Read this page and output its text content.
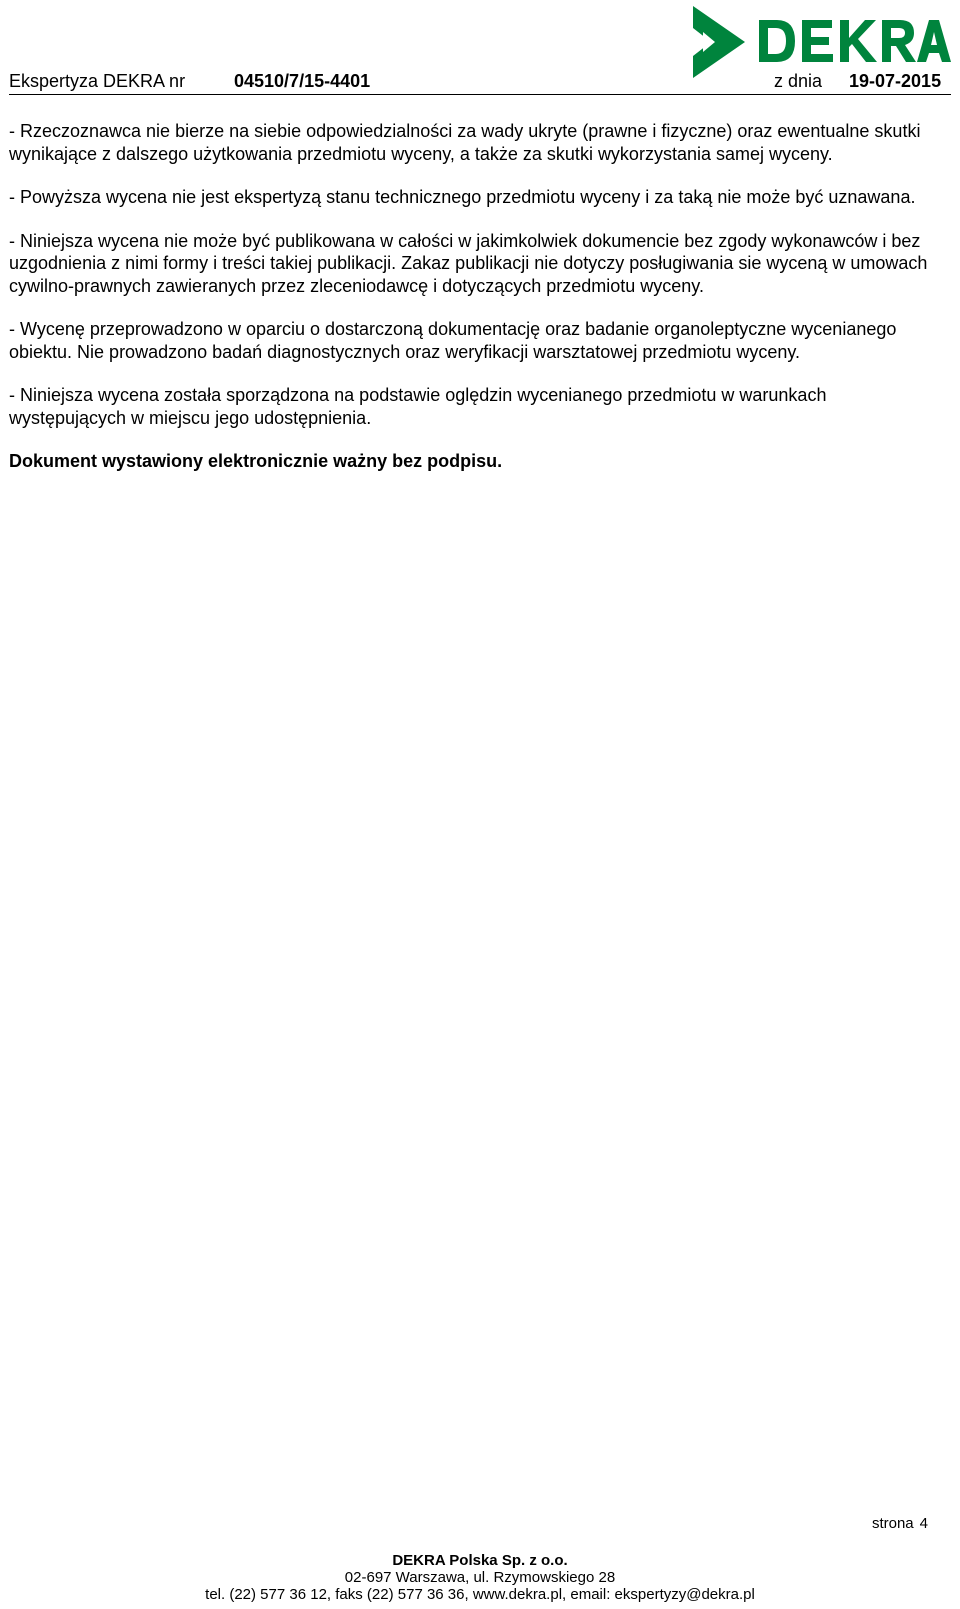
Ekspertyza DEKRA nr	04510/7/15-4401	z dnia 19-07-2015

- Rzeczoznawca nie bierze na siebie odpowiedzialności za wady ukryte (prawne i fizyczne) oraz ewentualne skutki wynikające z dalszego użytkowania przedmiotu wyceny, a także za skutki wykorzystania samej wyceny.

- Powyższa wycena nie jest ekspertyzą stanu technicznego przedmiotu wyceny i za taką nie może być uznawana.

- Niniejsza wycena nie może być publikowana w całości w jakimkolwiek dokumencie bez zgody wykonawców i bez uzgodnienia z nimi formy i treści takiej publikacji. Zakaz publikacji nie dotyczy posługiwania sie wyceną w umowach cywilno-prawnych zawieranych przez zleceniodawcę i dotyczących przedmiotu wyceny.

- Wycenę przeprowadzono w oparciu o dostarczoną dokumentację oraz badanie organoleptyczne wycenianego obiektu. Nie prowadzono badań diagnostycznych oraz weryfikacji warsztatowej przedmiotu wyceny.

- Niniejsza wycena została sporządzona na podstawie oględzin wycenianego przedmiotu w warunkach występujących w miejscu jego udostępnienia.

Dokument wystawiony elektronicznie ważny bez podpisu.

strona 4
DEKRA Polska Sp. z o.o.
02-697 Warszawa, ul. Rzymowskiego 28
tel. (22) 577 36 12, faks (22) 577 36 36, www.dekra.pl, email: ekspertyzy@dekra.pl
